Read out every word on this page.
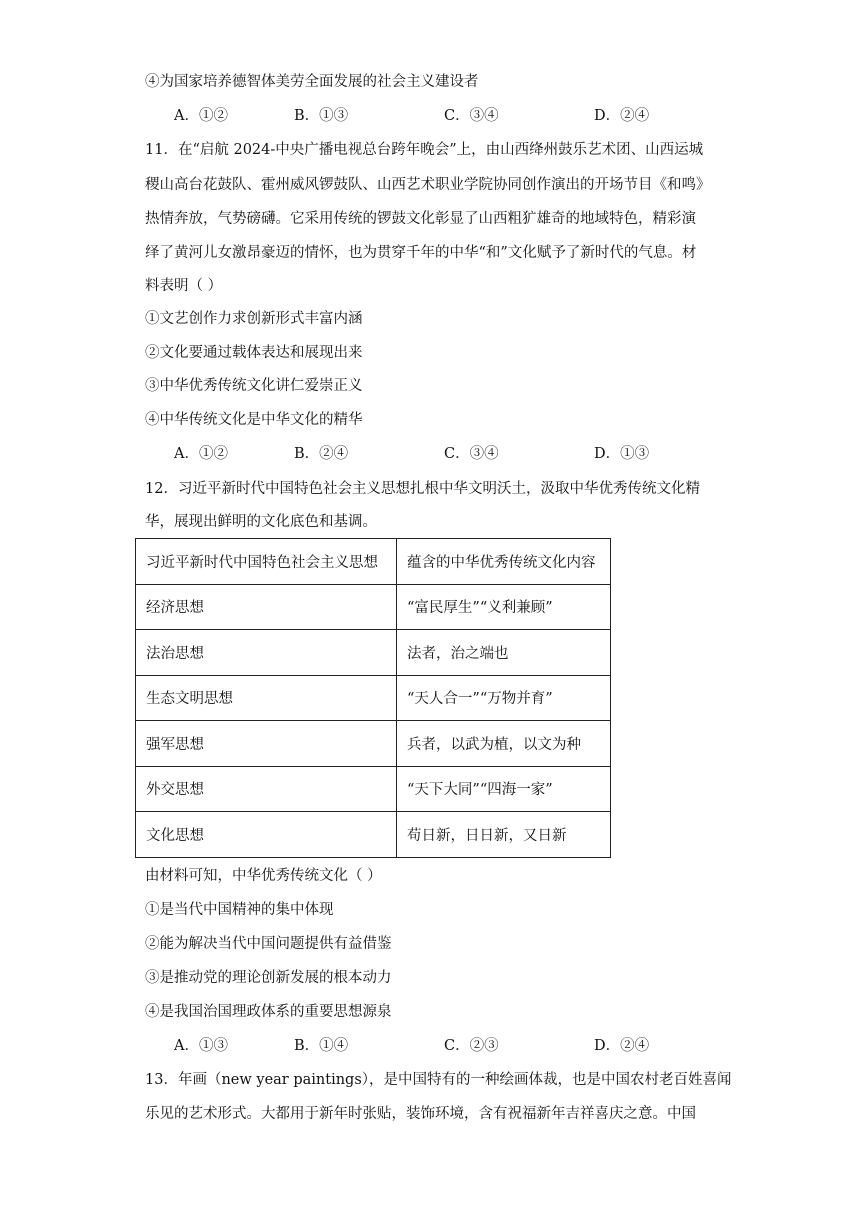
④为国家培养德智体美劳全面发展的社会主义建设者
A．①②	B．①③	C．③④	D．②④
11．在“启航 2024-中央广播电视总台跨年晚会”上，由山西绛州鼓乐艺术团、山西运城
稷山高台花鼓队、霍州威风锣鼓队、山西艺术职业学院协同创作演出的开场节目《和鸣》
热情奔放，气势磅礴。它采用传统的锣鼓文化彰显了山西粗犷雄奇的地域特色，精彩演
绎了黄河儿女激昂豪迈的情怀，也为贯穿千年的中华“和”文化赋予了新时代的气息。材
料表明（ ）
①文艺创作力求创新形式丰富内涵
②文化要通过载体表达和展现出来
③中华优秀传统文化讲仁爱崇正义
④中华传统文化是中华文化的精华
A．①②	B．②④	C．③④	D．①③
12．习近平新时代中国特色社会主义思想扎根中华文明沃土，汲取中华优秀传统文化精
华，展现出鲜明的文化底色和基调。
习近平新时代中国特色社会主义思想	蕴含的中华优秀传统文化内容
经济思想	“富民厚生”“义利兼顾”
法治思想	法者，治之端也
生态文明思想	“天人合一”“万物并育”
强军思想	兵者，以武为植，以文为种
外交思想	“天下大同”“四海一家”
文化思想	苟日新，日日新，又日新
由材料可知，中华优秀传统文化（ ）
①是当代中国精神的集中体现
②能为解决当代中国问题提供有益借鉴
③是推动党的理论创新发展的根本动力
④是我国治国理政体系的重要思想源泉
A．①③	B．①④	C．②③	D．②④
13．年画（new year paintings），是中国特有的一种绘画体裁，也是中国农村老百姓喜闻
乐见的艺术形式。大都用于新年时张贴，装饰环境，含有祝福新年吉祥喜庆之意。中国
